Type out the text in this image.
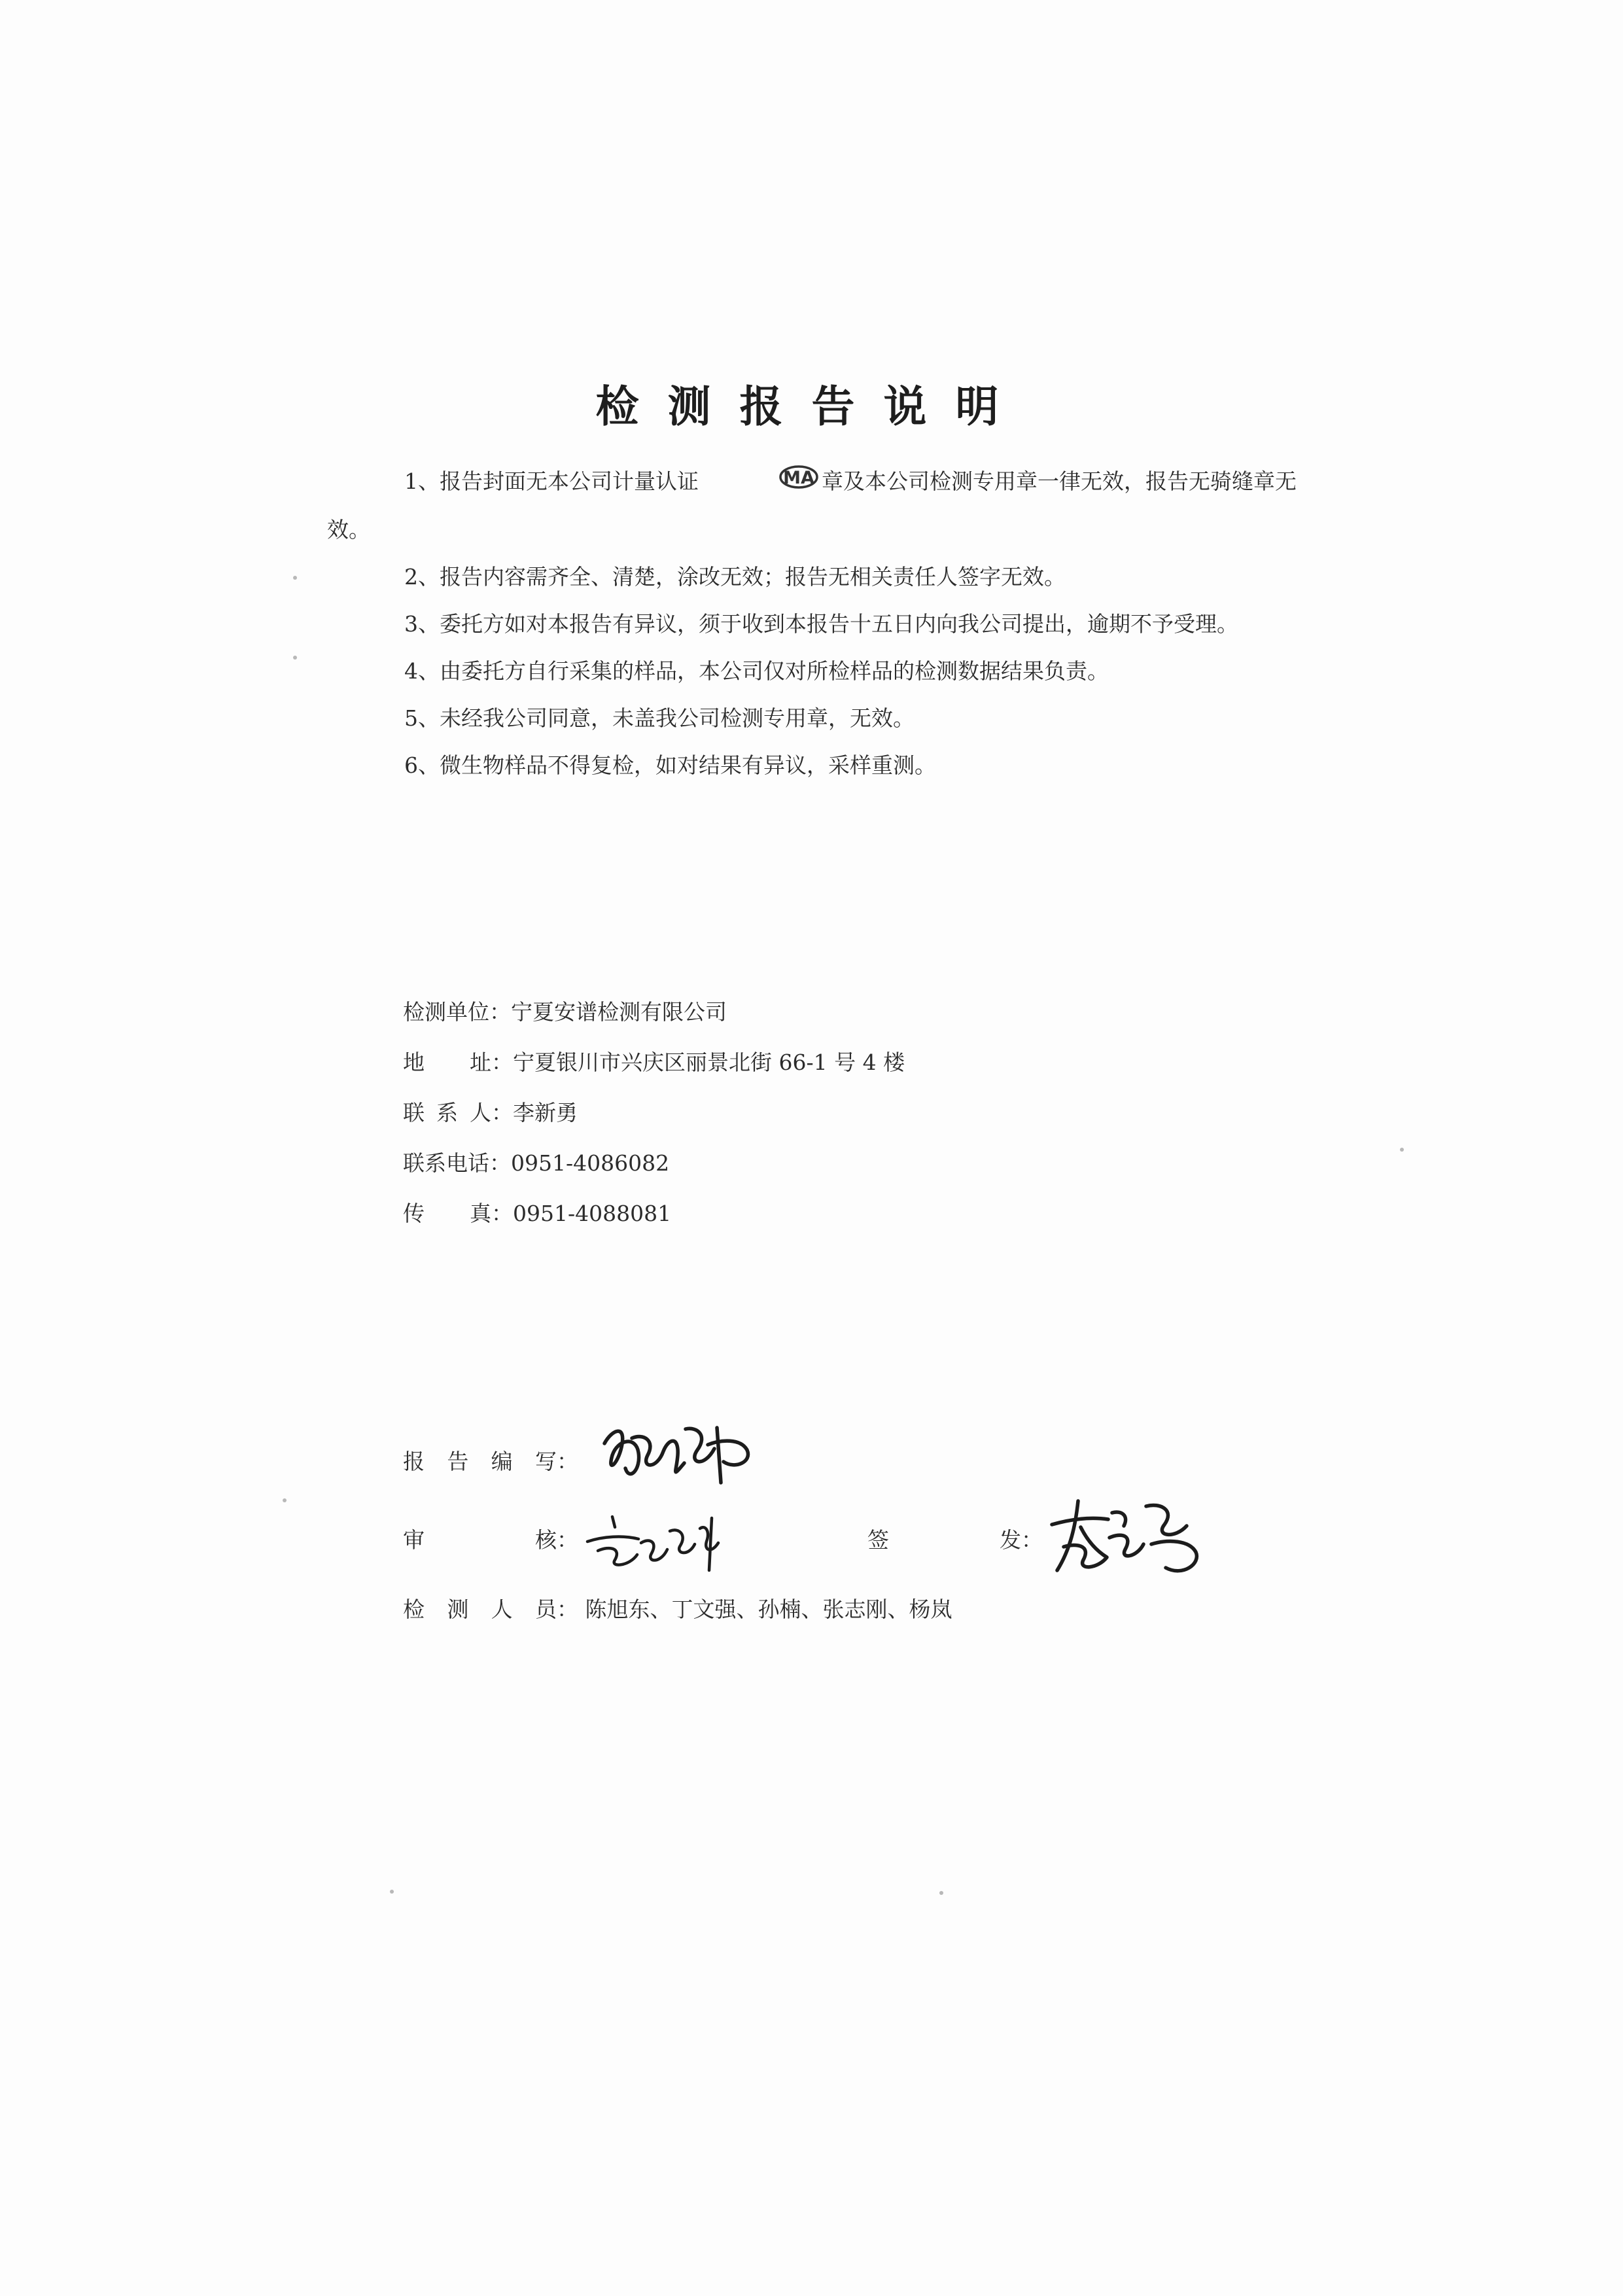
检测报告说明

1、报告封面无本公司计量认证	MA 章及本公司检测专用章一律无效，报告无骑缝章无

效。

2、报告内容需齐全、清楚，涂改无效；报告无相关责任人签字无效。

3、委托方如对本报告有异议，须于收到本报告十五日内向我公司提出，逾期不予受理。

4、由委托方自行采集的样品，本公司仅对所检样品的检测数据结果负责。

5、未经我公司同意，未盖我公司检测专用章，无效。

6、微生物样品不得复检，如对结果有异议，采样重测。

检测单位： 宁夏安谱检测有限公司
地 址： 宁夏银川市兴庆区丽景北街 66-1 号 4 楼
联 系 人： 李新勇
联系电话： 0951-4086082
传 真： 0951-4088081
报 告 编 写：
审	核：	签	发：
检 测 人 员： 陈旭东、丁文强、孙楠、张志刚、杨岚
